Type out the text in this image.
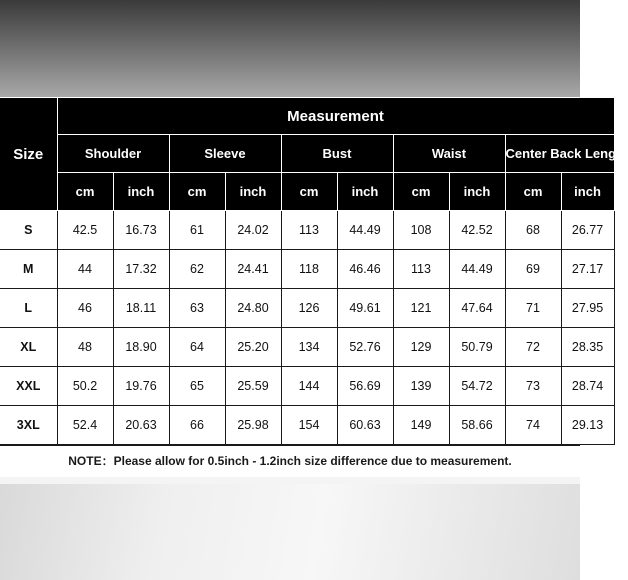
Size	Measurement									
	Shoulder		Sleeve		Bust		Waist		Center Back Length	
	cm	inch	cm	inch	cm	inch	cm	inch	cm	inch
S	42.5	16.73	61	24.02	113	44.49	108	42.52	68	26.77
M	44	17.32	62	24.41	118	46.46	113	44.49	69	27.17
L	46	18.11	63	24.80	126	49.61	121	47.64	71	27.95
XL	48	18.90	64	25.20	134	52.76	129	50.79	72	28.35
XXL	50.2	19.76	65	25.59	144	56.69	139	54.72	73	28.74
3XL	52.4	20.63	66	25.98	154	60.63	149	58.66	74	29.13
NOTE：Please allow for 0.5inch - 1.2inch size difference due to measurement.
